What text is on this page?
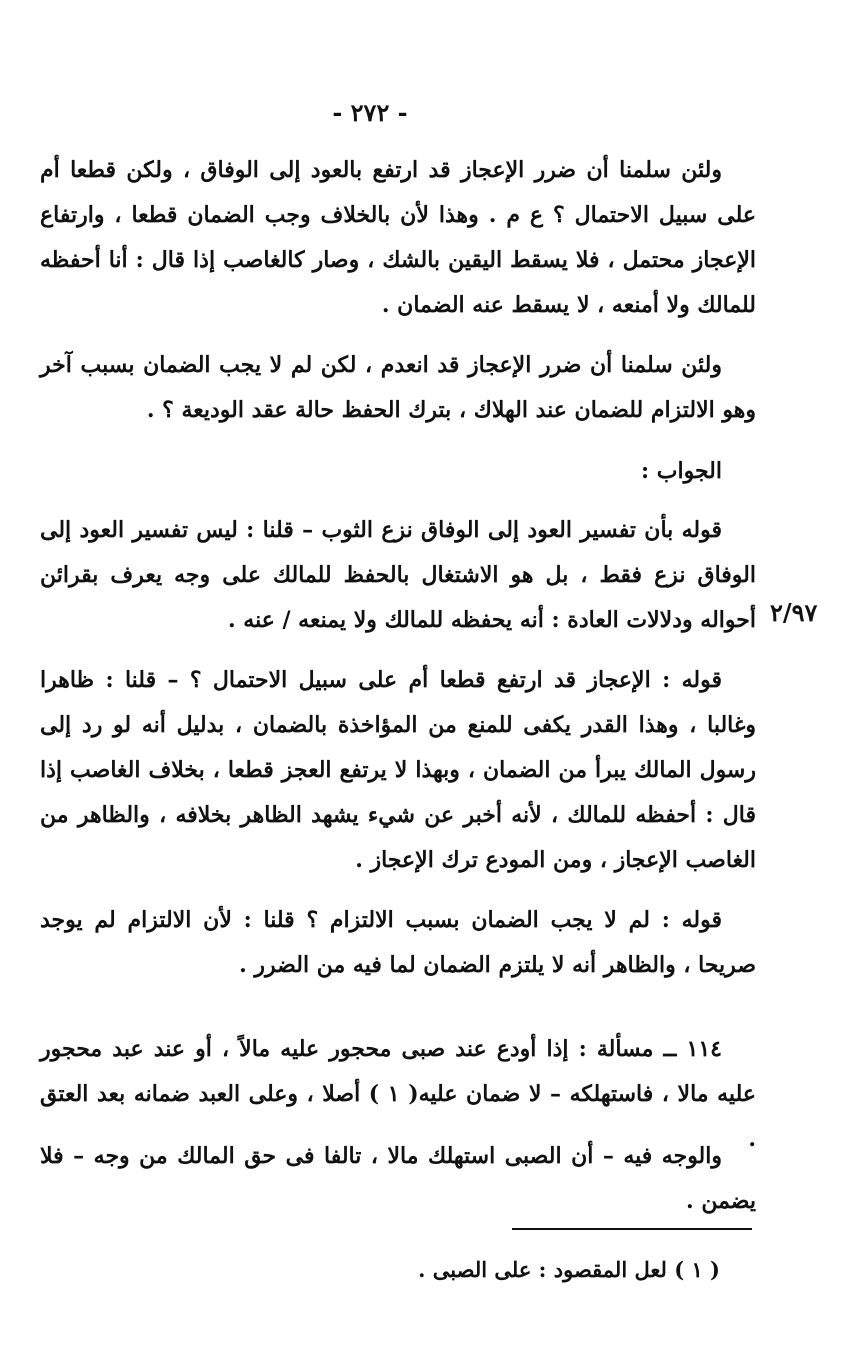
- ٢٧٢ -

ولئن سلمنا أن ضرر الإعجاز قد ارتفع بالعود إلى الوفاق ، ولكن قطعا أم على سبيل الاحتمال ؟ ع م . وهذا لأن بالخلاف وجب الضمان قطعا ، وارتفاع الإعجاز محتمل ، فلا يسقط اليقين بالشك ، وصار كالغاصب إذا قال : أنا أحفظه للمالك ولا أمنعه ، لا يسقط عنه الضمان .

ولئن سلمنا أن ضرر الإعجاز قد انعدم ، لكن لم لا يجب الضمان بسبب آخر وهو الالتزام للضمان عند الهلاك ، بترك الحفظ حالة عقد الوديعة ؟ .

الجواب :

قوله بأن تفسير العود إلى الوفاق نزع الثوب – قلنا : ليس تفسير العود إلى الوفاق نزع فقط ، بل هو الاشتغال بالحفظ للمالك على وجه يعرف بقرائن أحواله ودلالات العادة : أنه يحفظه للمالك ولا يمنعه / عنه . ٢/٩٧

قوله : الإعجاز قد ارتفع قطعا أم على سبيل الاحتمال ؟ – قلنا : ظاهرا وغالبا ، وهذا القدر يكفى للمنع من المؤاخذة بالضمان ، بدليل أنه لو رد إلى رسول المالك يبرأ من الضمان ، وبهذا لا يرتفع العجز قطعا ، بخلاف الغاصب إذا قال : أحفظه للمالك ، لأنه أخبر عن شيء يشهد الظاهر بخلافه ، والظاهر من الغاصب الإعجاز ، ومن المودع ترك الإعجاز .

قوله : لم لا يجب الضمان بسبب الالتزام ؟ قلنا : لأن الالتزام لم يوجد صريحا ، والظاهر أنه لا يلتزم الضمان لما فيه من الضرر .

١١٤ ــ مسألة : إذا أودع عند صبى محجور عليه مالاً ، أو عند عبد محجور عليه مالا ، فاستهلكه – لا ضمان عليه( ١ ) أصلا ، وعلى العبد ضمانه بعد العتق .

والوجه فيه – أن الصبى استهلك مالا ، تالفا فى حق المالك من وجه – فلا يضمن .

( ١ ) لعل المقصود : على الصبى .
